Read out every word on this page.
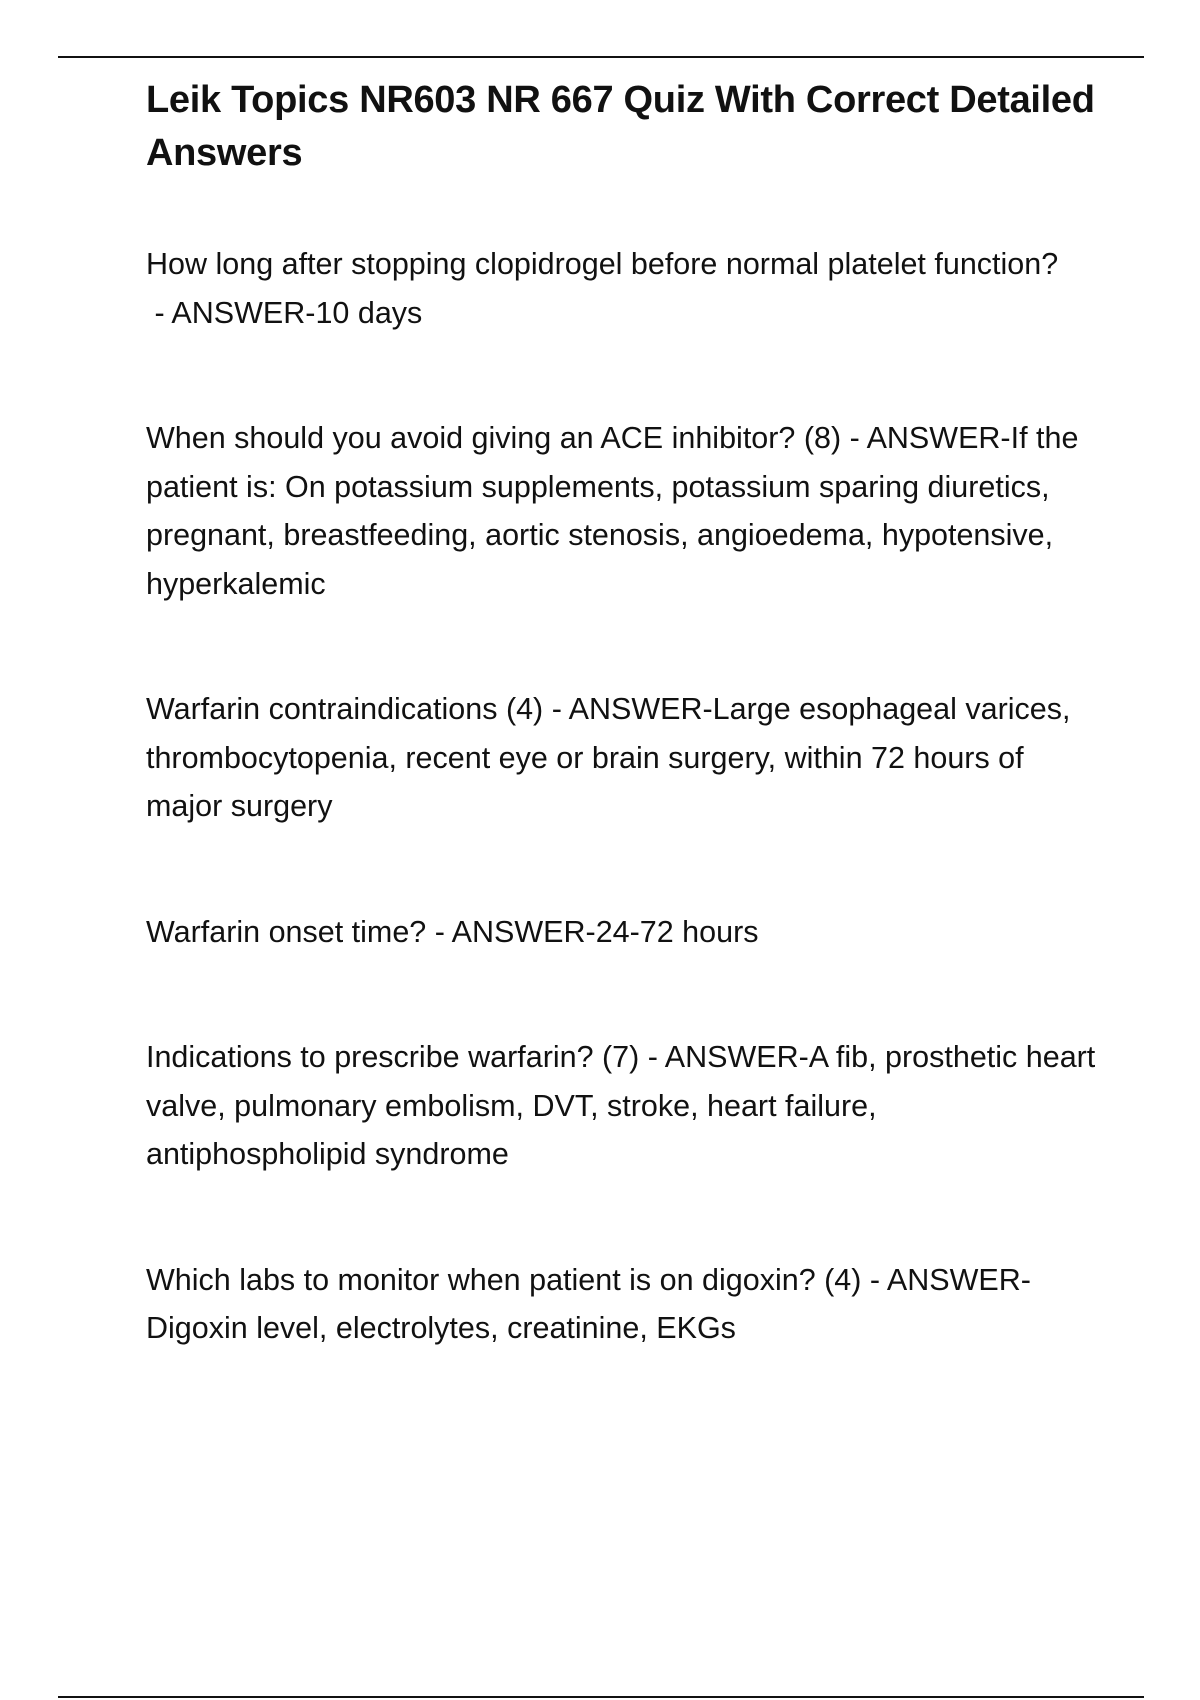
Leik Topics NR603 NR 667 Quiz With Correct Detailed Answers

How long after stopping clopidrogel before normal platelet function? - ANSWER-10 days

When should you avoid giving an ACE inhibitor? (8) - ANSWER-If the patient is: On potassium supplements, potassium sparing diuretics, pregnant, breastfeeding, aortic stenosis, angioedema, hypotensive, hyperkalemic

Warfarin contraindications (4) - ANSWER-Large esophageal varices, thrombocytopenia, recent eye or brain surgery, within 72 hours of major surgery

Warfarin onset time? - ANSWER-24-72 hours

Indications to prescribe warfarin? (7) - ANSWER-A fib, prosthetic heart valve, pulmonary embolism, DVT, stroke, heart failure, antiphospholipid syndrome

Which labs to monitor when patient is on digoxin? (4) - ANSWER-Digoxin level, electrolytes, creatinine, EKGs
